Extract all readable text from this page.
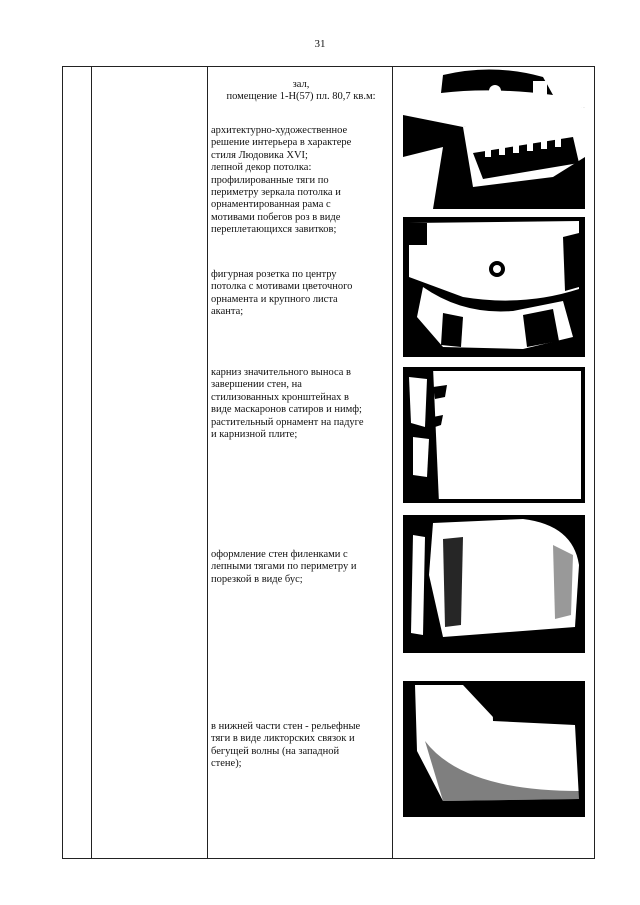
31

зал,

помещение 1-Н(57) пл. 80,7 кв.м:

архитектурно-художественное

решение интерьера в характере

стиля Людовика XVI;

лепной декор потолка:

профилированные тяги по

периметру зеркала потолка и

орнаментированная рама с

мотивами побегов роз в виде

переплетающихся завитков;

фигурная розетка по центру

потолка с мотивами цветочного

орнамента и крупного листа

аканта;

карниз значительного выноса в

завершении стен, на

стилизованных кронштейнах в

виде маскаронов сатиров и нимф;

растительный орнамент на падуге

и карнизной плите;

оформление стен филенками с

лепными тягами по периметру и

порезкой в виде бус;

в нижней части стен - рельефные

тяги в виде ликторских связок и

бегущей волны (на западной

стене);
